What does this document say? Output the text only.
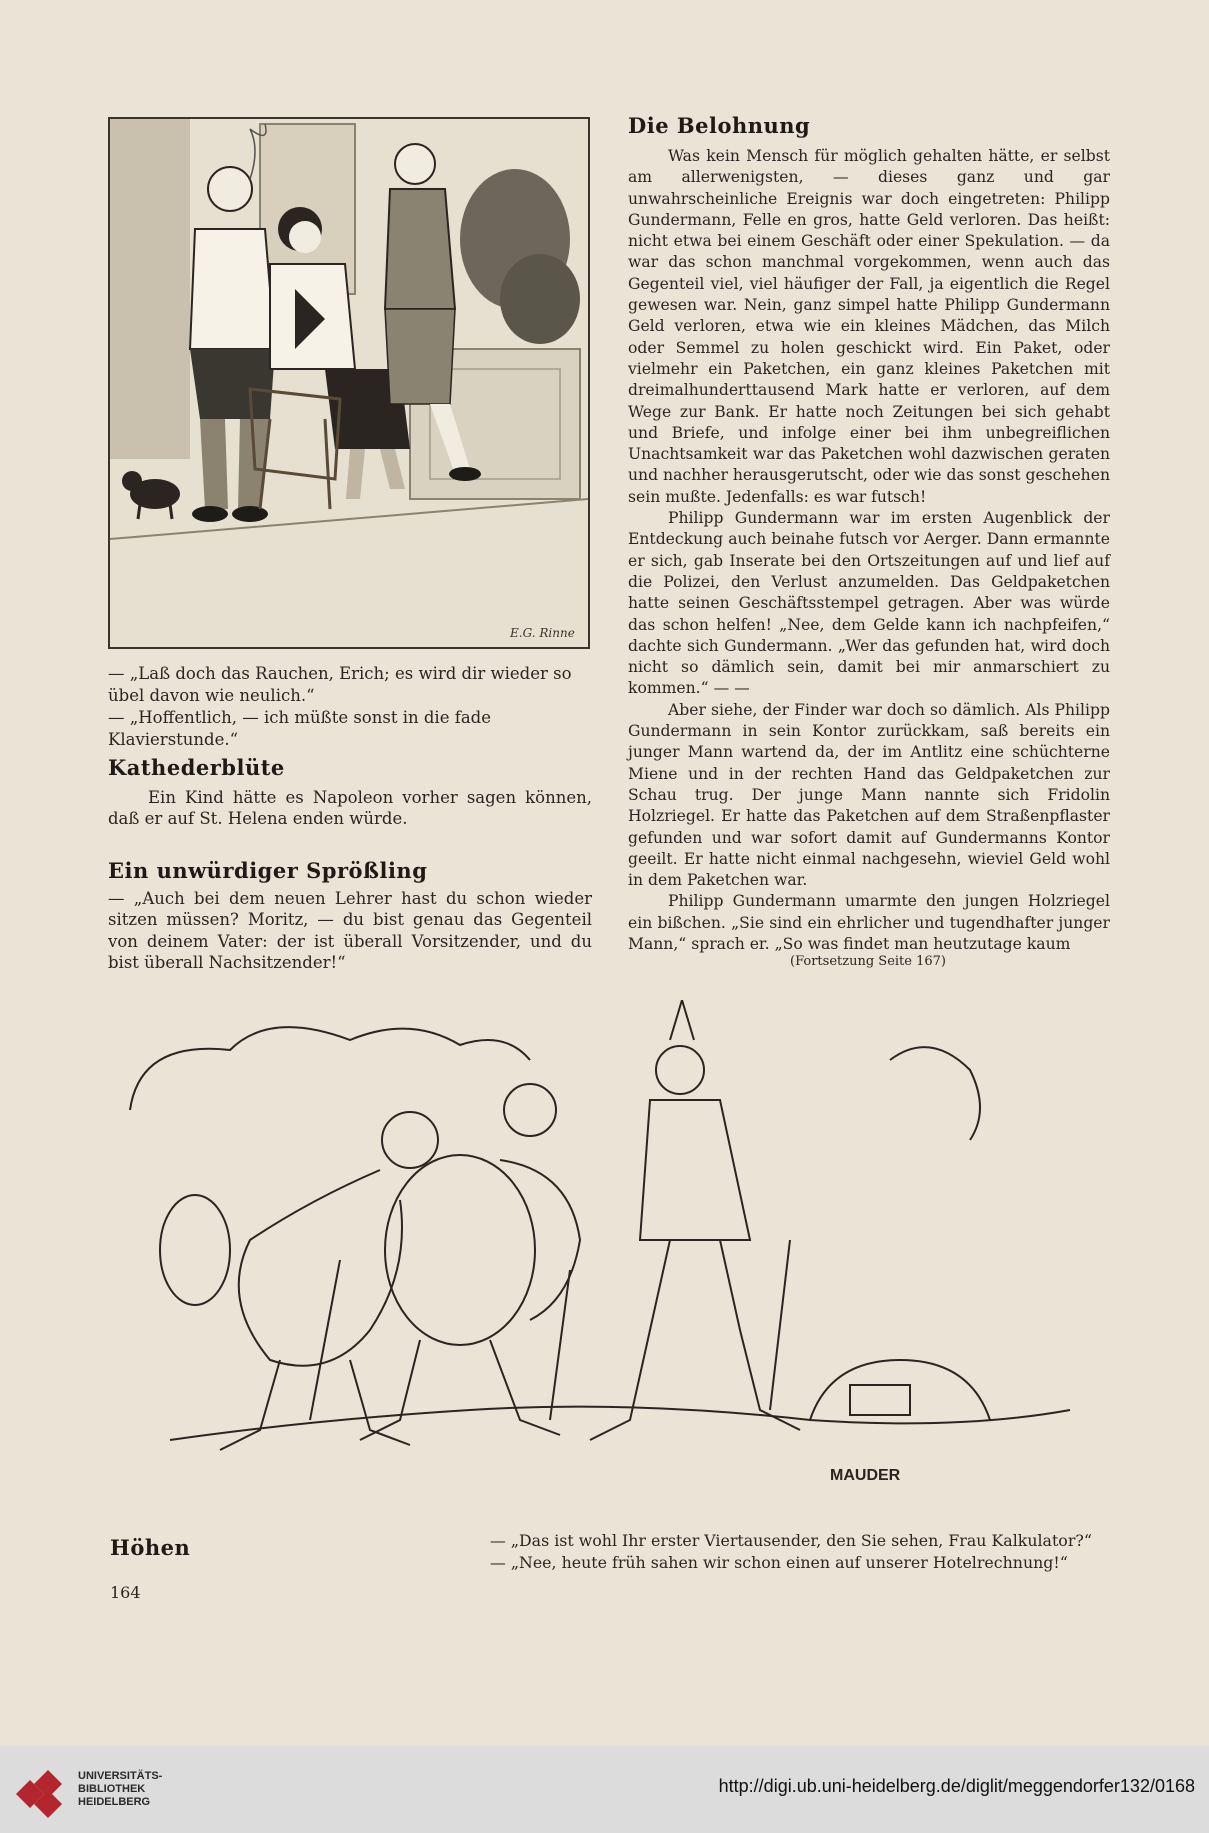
E.G. Rinne

— „Laß doch das Rauchen, Erich; es wird dir wieder so übel davon wie neulich.“

— „Hoffentlich, — ich müßte sonst in die fade Klavierstunde.“

Kathederblüte
Ein Kind hätte es Napoleon vorher sagen können, daß er auf St. Helena enden würde.
Ein unwürdiger Sprößling
— „Auch bei dem neuen Lehrer hast du schon wieder sitzen müssen? Moritz, — du bist genau das Gegenteil von deinem Vater: der ist überall Vorsitzender, und du bist überall Nachsitzender!“
Die Belohnung

Was kein Mensch für möglich gehalten hätte, er selbst am allerwenigsten, — dieses ganz und gar unwahrscheinliche Ereignis war doch eingetreten: Philipp Gundermann, Felle en gros, hatte Geld verloren. Das heißt: nicht etwa bei einem Geschäft oder einer Spekulation. — da war das schon manchmal vorgekommen, wenn auch das Gegenteil viel, viel häufiger der Fall, ja eigentlich die Regel gewesen war. Nein, ganz simpel hatte Philipp Gundermann Geld verloren, etwa wie ein kleines Mädchen, das Milch oder Semmel zu holen geschickt wird. Ein Paket, oder vielmehr ein Paketchen, ein ganz kleines Paketchen mit dreimalhunderttausend Mark hatte er verloren, auf dem Wege zur Bank. Er hatte noch Zeitungen bei sich gehabt und Briefe, und infolge einer bei ihm unbegreiflichen Unachtsamkeit war das Paketchen wohl dazwischen geraten und nachher herausgerutscht, oder wie das sonst geschehen sein mußte. Jedenfalls: es war futsch!

Philipp Gundermann war im ersten Augenblick der Entdeckung auch beinahe futsch vor Aerger. Dann ermannte er sich, gab Inserate bei den Ortszeitungen auf und lief auf die Polizei, den Verlust anzumelden. Das Geldpaketchen hatte seinen Geschäftsstempel getragen. Aber was würde das schon helfen! „Nee, dem Gelde kann ich nachpfeifen,“ dachte sich Gundermann. „Wer das gefunden hat, wird doch nicht so dämlich sein, damit bei mir anmarschiert zu kommen.“ — —

Aber siehe, der Finder war doch so dämlich. Als Philipp Gundermann in sein Kontor zurückkam, saß bereits ein junger Mann wartend da, der im Antlitz eine schüchterne Miene und in der rechten Hand das Geldpaketchen zur Schau trug. Der junge Mann nannte sich Fridolin Holzriegel. Er hatte das Paketchen auf dem Straßenpflaster gefunden und war sofort damit auf Gundermanns Kontor geeilt. Er hatte nicht einmal nachgesehn, wieviel Geld wohl in dem Paketchen war.

Philipp Gundermann umarmte den jungen Holzriegel ein bißchen. „Sie sind ein ehrlicher und tugendhafter junger Mann,“ sprach er. „So was findet man heutzutage kaum

(Fortsetzung Seite 167)
MAUDER
Höhen	— „Das ist wohl Ihr erster Viertausender, den Sie sehen, Frau Kalkulator?“

— „Nee, heute früh sahen wir schon einen auf unserer Hotelrechnung!“

164
UNIVERSITÄTS-
BIBLIOTHEK
HEIDELBERG
http://digi.ub.uni-heidelberg.de/diglit/meggendorfer132/0168
